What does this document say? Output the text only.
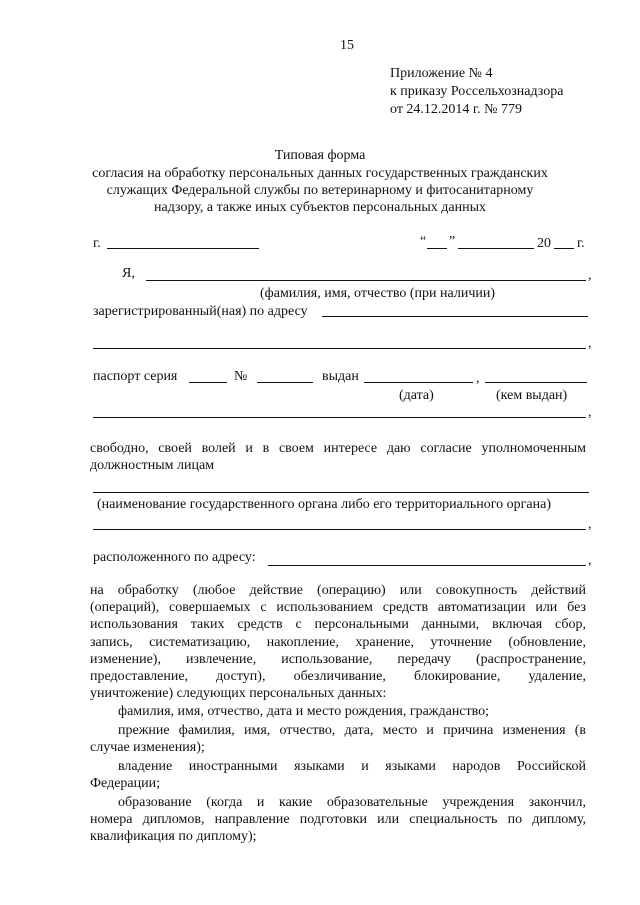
15
Приложение № 4
к приказу Россельхознадзора
от 24.12.2014 г. № 779
Типовая форма
согласия на обработку персональных данных государственных гражданских
служащих Федеральной службы по ветеринарному и фитосанитарному
надзору, а также иных субъектов персональных данных
г.	“ ”	20 г.
Я,	,
(фамилия, имя, отчество (при наличии)
зарегистрированный(ная) по адресу
,
паспорт серия	№	выдан	,
(дата)	(кем выдан)
,
свободно, своей волей и в своем интересе даю согласие уполномоченным
должностным лицам
(наименование государственного органа либо его территориального органа)
,
расположенного по адресу:	,
на обработку (любое действие (операцию) или совокупность действий
(операций), совершаемых с использованием средств автоматизации или без
использования таких средств с персональными данными, включая сбор,
запись, систематизацию, накопление, хранение, уточнение (обновление,
изменение), извлечение, использование, передачу (распространение,
предоставление, доступ), обезличивание, блокирование, удаление,
уничтожение) следующих персональных данных:
фамилия, имя, отчество, дата и место рождения, гражданство;
прежние фамилия, имя, отчество, дата, место и причина изменения (в
случае изменения);
владение иностранными языками и языками народов Российской
Федерации;
образование (когда и какие образовательные учреждения закончил,
номера дипломов, направление подготовки или специальность по диплому,
квалификация по диплому);
